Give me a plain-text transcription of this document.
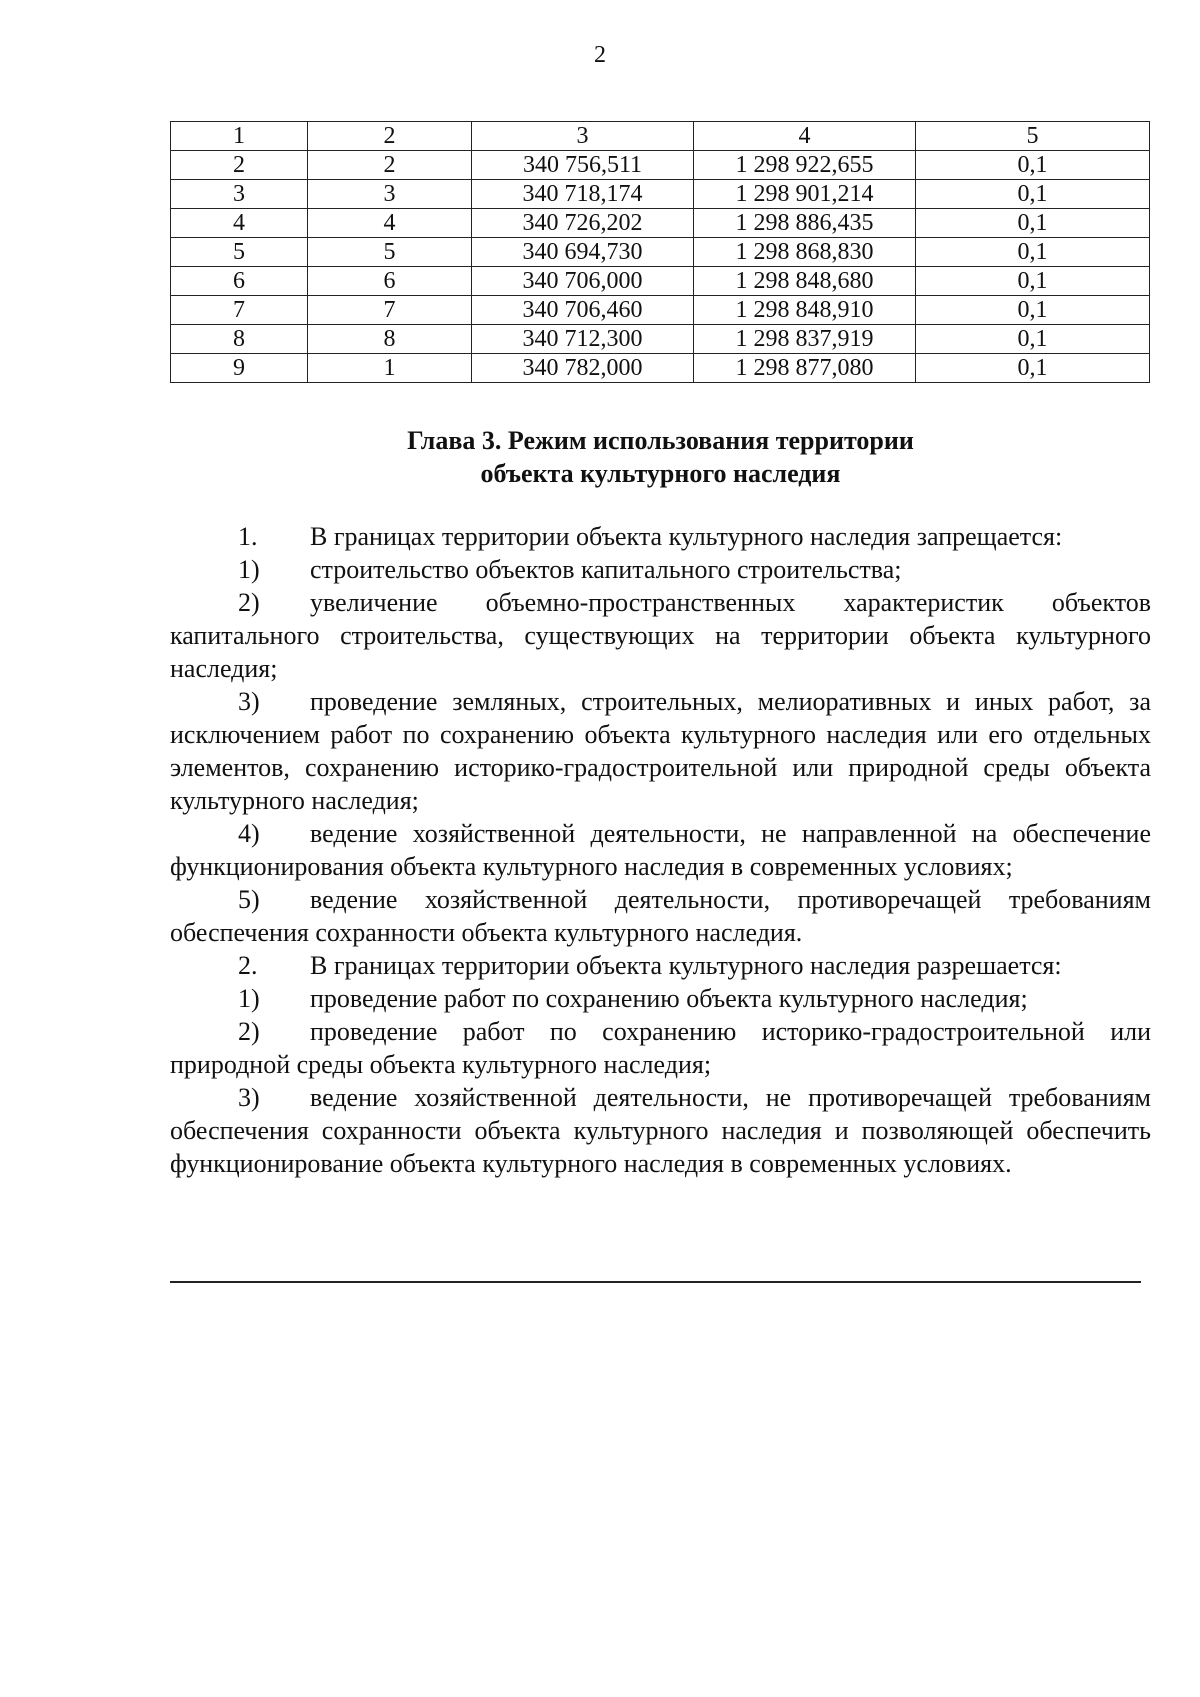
2
1	2	3	4	5
2	2	340 756,511	1 298 922,655	0,1
3	3	340 718,174	1 298 901,214	0,1
4	4	340 726,202	1 298 886,435	0,1
5	5	340 694,730	1 298 868,830	0,1
6	6	340 706,000	1 298 848,680	0,1
7	7	340 706,460	1 298 848,910	0,1
8	8	340 712,300	1 298 837,919	0,1
9	1	340 782,000	1 298 877,080	0,1
Глава 3. Режим использования территории
объекта культурного наследия

1. В границах территории объекта культурного наследия запрещается:

1) строительство объектов капитального строительства;

2) увеличение объемно-пространственных характеристик объектов капитального строительства, существующих на территории объекта культурного наследия;

3) проведение земляных, строительных, мелиоративных и иных работ, за исключением работ по сохранению объекта культурного наследия или его отдельных элементов, сохранению историко-градостроительной или природной среды объекта культурного наследия;

4) ведение хозяйственной деятельности, не направленной на обеспечение функционирования объекта культурного наследия в современных условиях;

5) ведение хозяйственной деятельности, противоречащей требованиям обеспечения сохранности объекта культурного наследия.

2. В границах территории объекта культурного наследия разрешается:

1) проведение работ по сохранению объекта культурного наследия;

2) проведение работ по сохранению историко-градостроительной или природной среды объекта культурного наследия;

3) ведение хозяйственной деятельности, не противоречащей требованиям обеспечения сохранности объекта культурного наследия и позволяющей обеспечить функционирование объекта культурного наследия в современных условиях.
